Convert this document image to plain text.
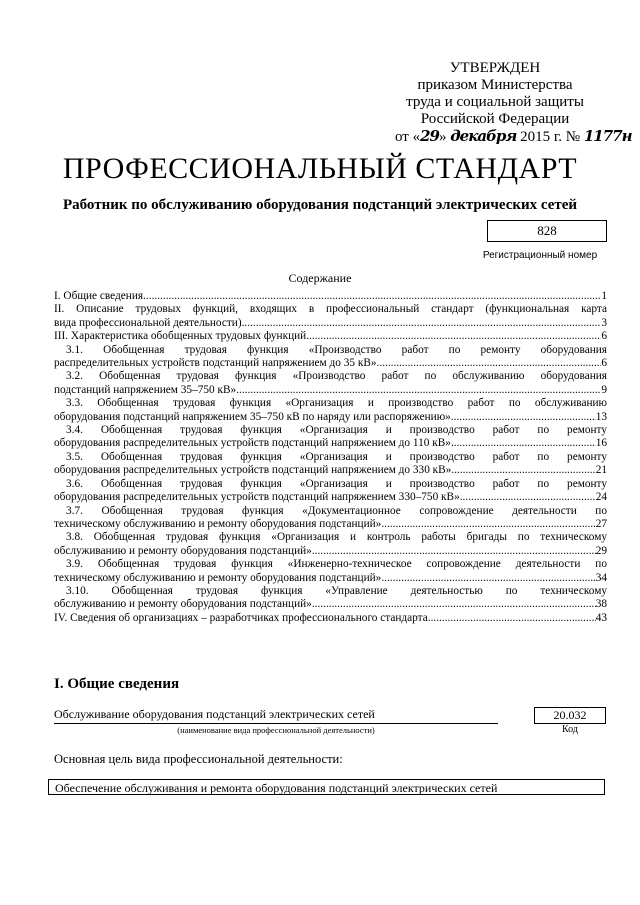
УТВЕРЖДЕН
приказом Министерства
труда и социальной защиты
Российской Федерации
от «29» декабря 2015 г. № 1177н
ПРОФЕССИОНАЛЬНЫЙ СТАНДАРТ
Работник по обслуживанию оборудования подстанций электрических сетей
828
Регистрационный номер
Содержание
I. Общие сведения .....	1
II. Описание трудовых функций, входящих в профессиональный стандарт (функциональная карта
вида профессиональной деятельности) .....	3
III. Характеристика обобщенных трудовых функций .....	6
3.1. Обобщенная трудовая функция «Производство работ по ремонту оборудования
распределительных устройств подстанций напряжением до 35 кВ» .....	6
3.2. Обобщенная трудовая функция «Производство работ по обслуживанию оборудования
подстанций напряжением 35–750 кВ» .....	9
3.3. Обобщенная трудовая функция «Организация и производство работ по обслуживанию
оборудования подстанций напряжением 35–750 кВ по наряду или распоряжению» .....	13
3.4. Обобщенная трудовая функция «Организация и производство работ по ремонту
оборудования распределительных устройств подстанций напряжением до 110 кВ» .....	16
3.5. Обобщенная трудовая функция «Организация и производство работ по ремонту
оборудования распределительных устройств подстанций напряжением до 330 кВ» .....	21
3.6. Обобщенная трудовая функция «Организация и производство работ по ремонту
оборудования распределительных устройств подстанций напряжением 330–750 кВ» .....	24
3.7. Обобщенная трудовая функция «Документационное сопровождение деятельности по
техническому обслуживанию и ремонту оборудования подстанций» .....	27
3.8. Обобщенная трудовая функция «Организация и контроль работы бригады по техническому
обслуживанию и ремонту оборудования подстанций» .....	29
3.9. Обобщенная трудовая функция «Инженерно-техническое сопровождение деятельности по
техническому обслуживанию и ремонту оборудования подстанций» .....	34
3.10. Обобщенная трудовая функция «Управление деятельностью по техническому
обслуживанию и ремонту оборудования подстанций» .....	38
IV. Сведения об организациях – разработчиках профессионального стандарта .....	43
I. Общие сведения
Обслуживание оборудования подстанций электрических сетей
(наименование вида профессиональной деятельности)
20.032
Код
Основная цель вида профессиональной деятельности:
Обеспечение обслуживания и ремонта оборудования подстанций электрических сетей
